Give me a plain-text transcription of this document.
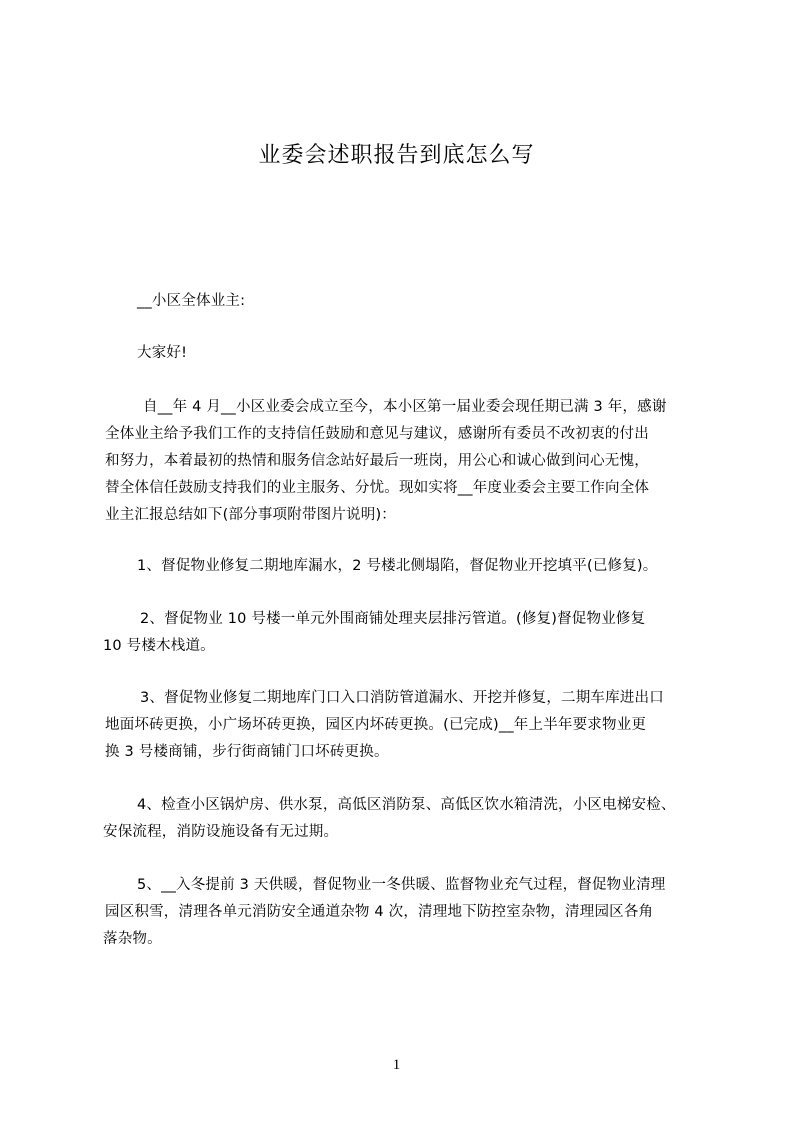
业委会述职报告到底怎么写
__小区全体业主:
大家好!
自__年 4 月__小区业委会成立至今，本小区第一届业委会现任期已满 3 年，感谢
全体业主给予我们工作的支持信任鼓励和意见与建议，感谢所有委员不改初衷的付出
和努力，本着最初的热情和服务信念站好最后一班岗，用公心和诚心做到问心无愧，
替全体信任鼓励支持我们的业主服务、分忧。现如实将__年度业委会主要工作向全体
业主汇报总结如下(部分事项附带图片说明)：
1、督促物业修复二期地库漏水，2 号楼北侧塌陷，督促物业开挖填平(已修复)。
2、督促物业 10 号楼一单元外围商铺处理夹层排污管道。(修复)督促物业修复
10 号楼木栈道。
3、督促物业修复二期地库门口入口消防管道漏水、开挖并修复，二期车库进出口
地面坏砖更换，小广场坏砖更换，园区内坏砖更换。(已完成)__年上半年要求物业更
换 3 号楼商铺，步行街商铺门口坏砖更换。
4、检查小区锅炉房、供水泵，高低区消防泵、高低区饮水箱清洗，小区电梯安检、
安保流程，消防设施设备有无过期。
5、__入冬提前 3 天供暖，督促物业一冬供暖、监督物业充气过程，督促物业清理
园区积雪，清理各单元消防安全通道杂物 4 次，清理地下防控室杂物，清理园区各角
落杂物。
1
